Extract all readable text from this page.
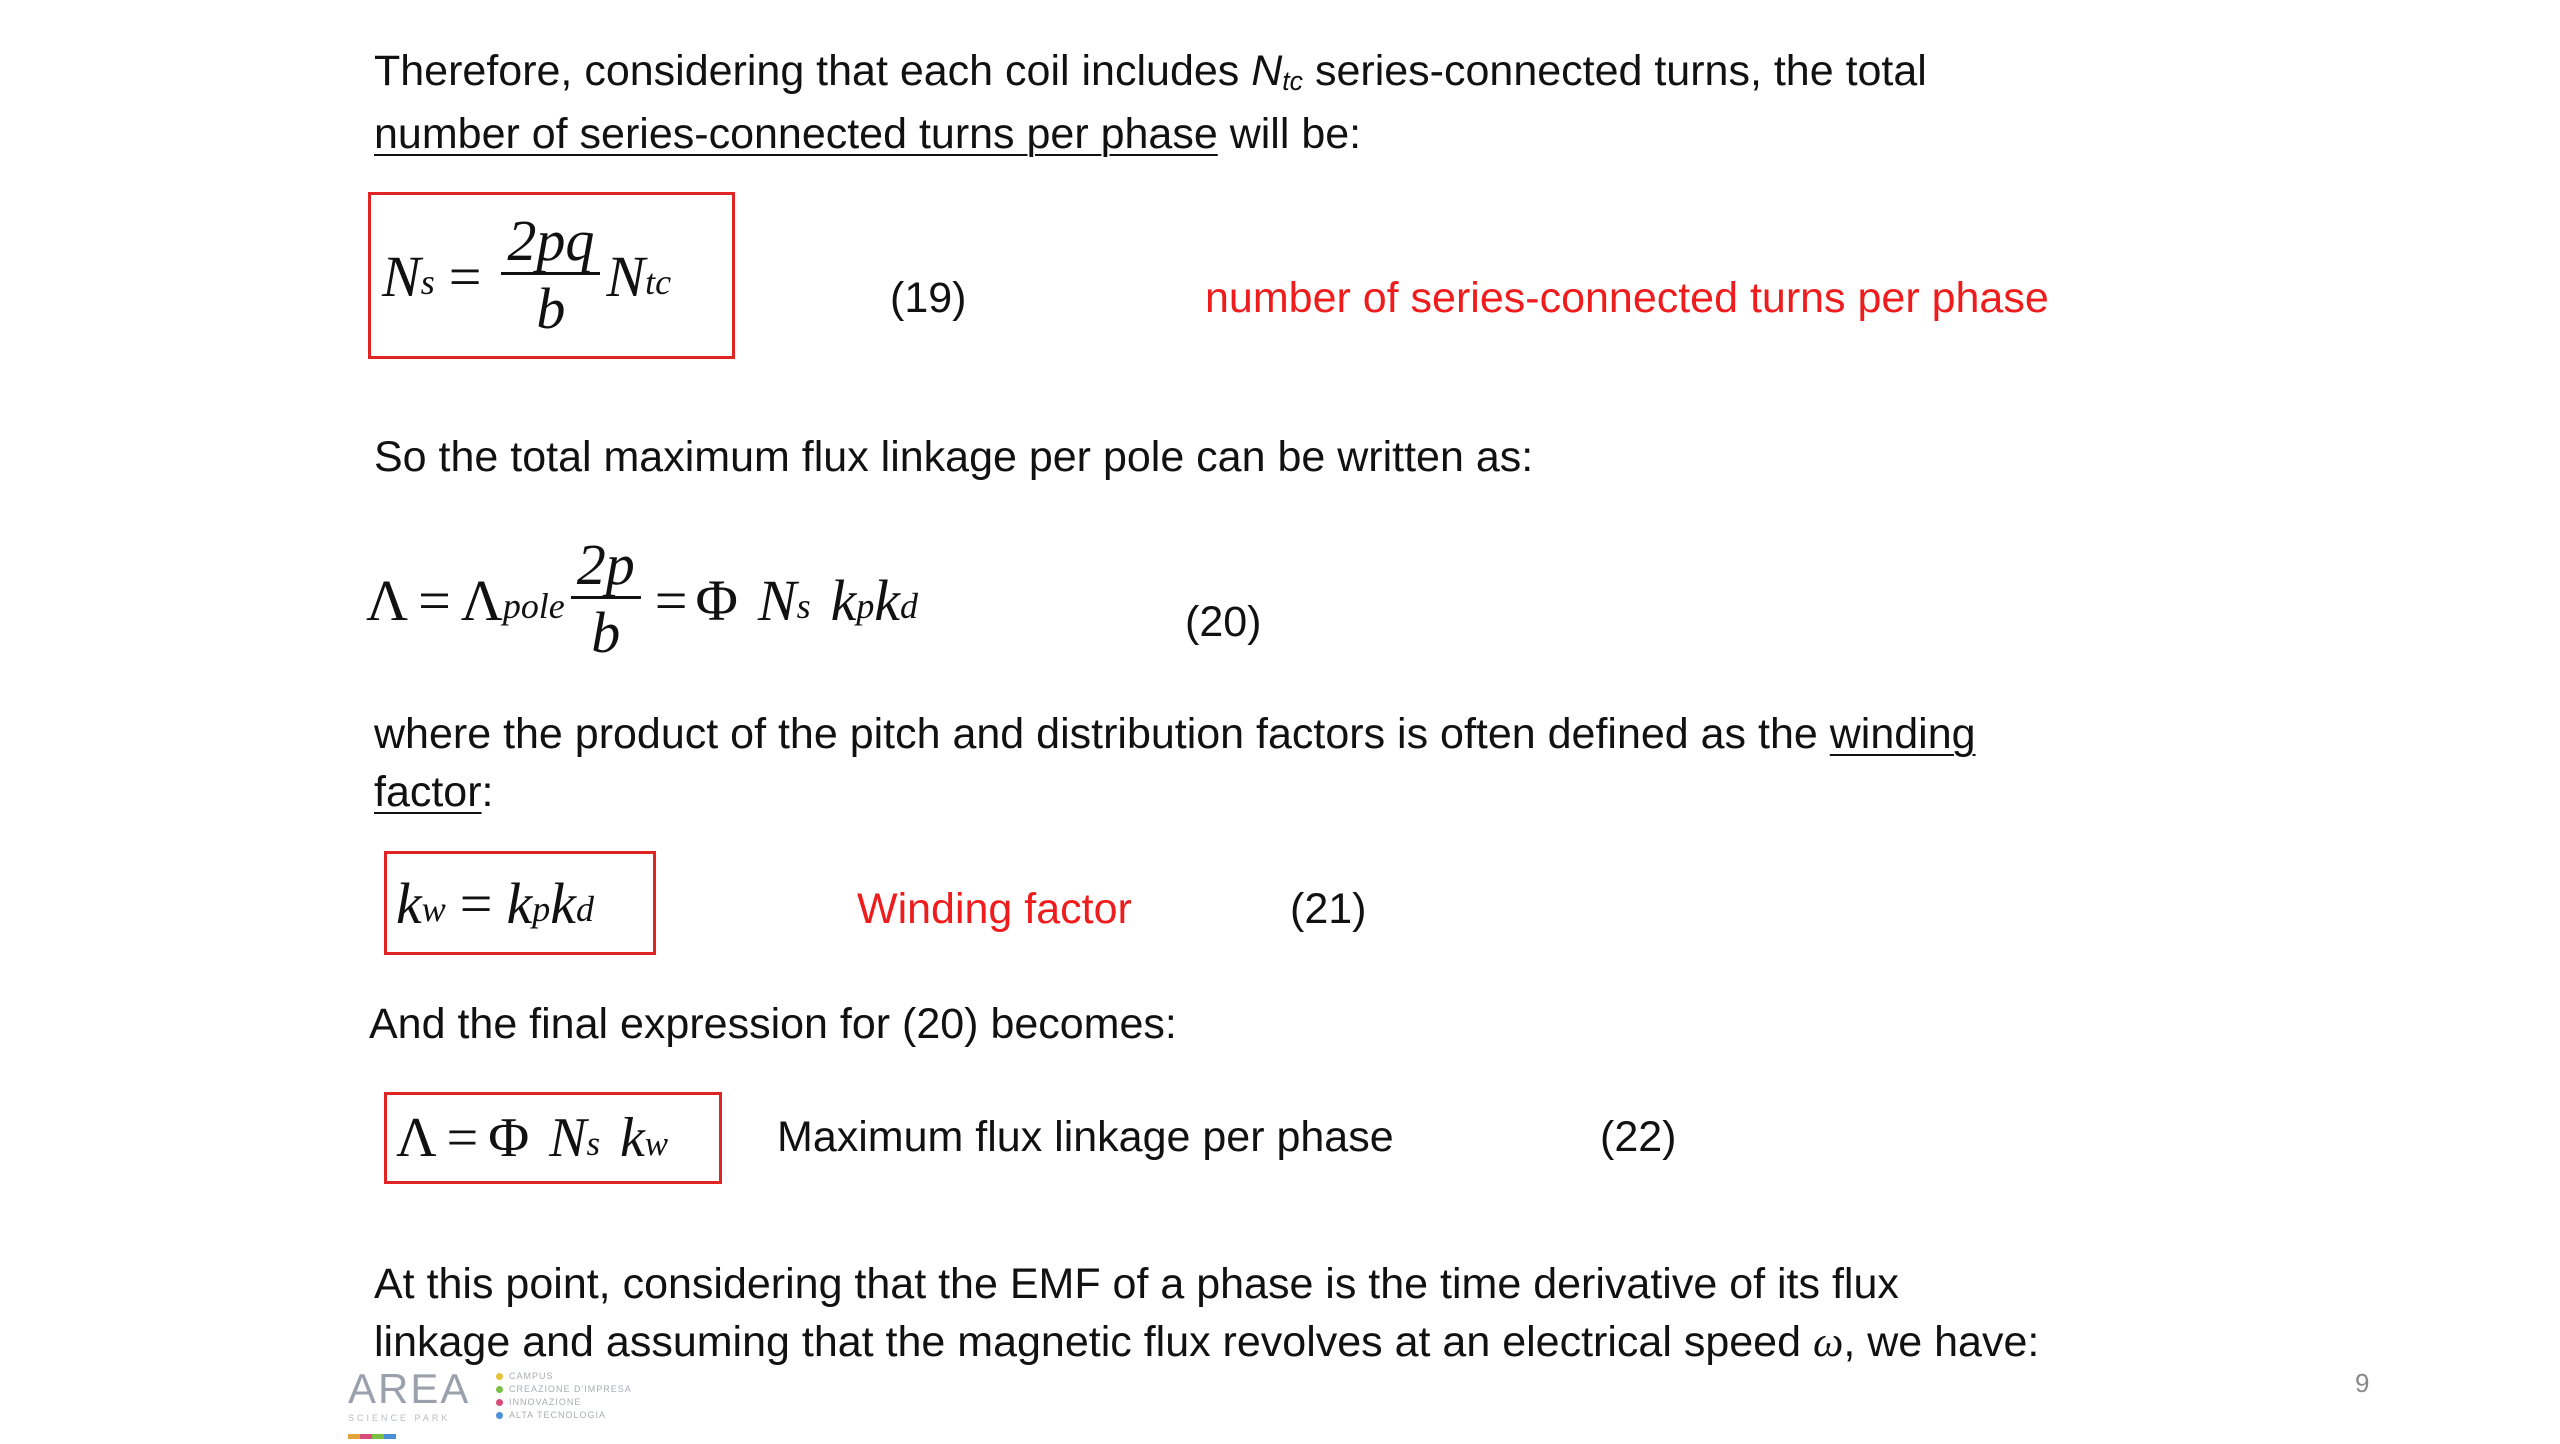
Therefore, considering that each coil includes $N_{tc}$ series-connected turns, the total
number of series-connected turns per phase will be:
$N_s = \frac{2pq}{b} N_{tc}$	(19)	number of series-connected turns per phase
So the total maximum flux linkage per pole can be written as:
$\Lambda = \Lambda_{pole} \frac{2p}{b} = \Phi$ $N_s$ $k_p$ $k_d$	(20)
where the product of the pitch and distribution factors is often defined as the winding
factor:
$k_w = k_p$ $k_d$	Winding factor	(21)
And the final expression for (20) becomes:
Λ = Φ $N_s$ $k_w$	Maximum flux linkage per phase	(22)
At this point, considering that the EMF of a phase is the time derivative of its flux
linkage and assuming that the magnetic flux revolves at an electrical speed ω, we have:
AREA
SCIENCE PARK
CAMPUS
CREAZIONE D'IMPRESA
INNOVAZIONE
ALTA TECNOLOGIA
9
